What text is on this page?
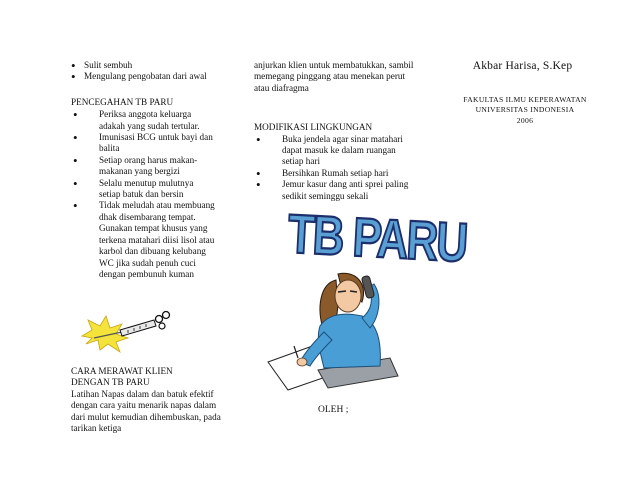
• Sulit sembuh
• Mengulang pengobatan dari awal
PENCEGAHAN TB PARU
• Periksa anggota keluarga adakah yang sudah tertular.
• Imunisasi BCG untuk bayi dan balita
• Setiap orang harus makan-makanan yang bergizi
• Selalu menutup mulutnya setiap batuk dan bersin
• Tidak meludah atau membuang dhak disembarang tempat. Gunakan tempat khusus yang terkena matahari diisi lisol atau karbol dan dibuang kelubang WC jika sudah penuh cuci dengan pembunuh kuman
CARA MERAWAT KLIEN
DENGAN TB PARU
Latihan Napas dalam dan batuk efektif dengan cara yaitu menarik napas dalam dari mulut kemudian dihembuskan, pada tarikan ketiga
anjurkan klien untuk membatukkan, sambil memegang pinggang atau menekan perut atau diafragma
MODIFIKASI LINGKUNGAN
• Buka jendela agar sinar matahari dapat masuk ke dalam ruangan setiap hari
• Bersihkan Rumah setiap hari
• Jemur kasur dang anti sprei paling sedikit seminggu sekali
TB PARU
OLEH ;
Akbar Harisa, S.Kep
FAKULTAS ILMU KEPERAWATAN
UNIVERSITAS INDONESIA
2006
